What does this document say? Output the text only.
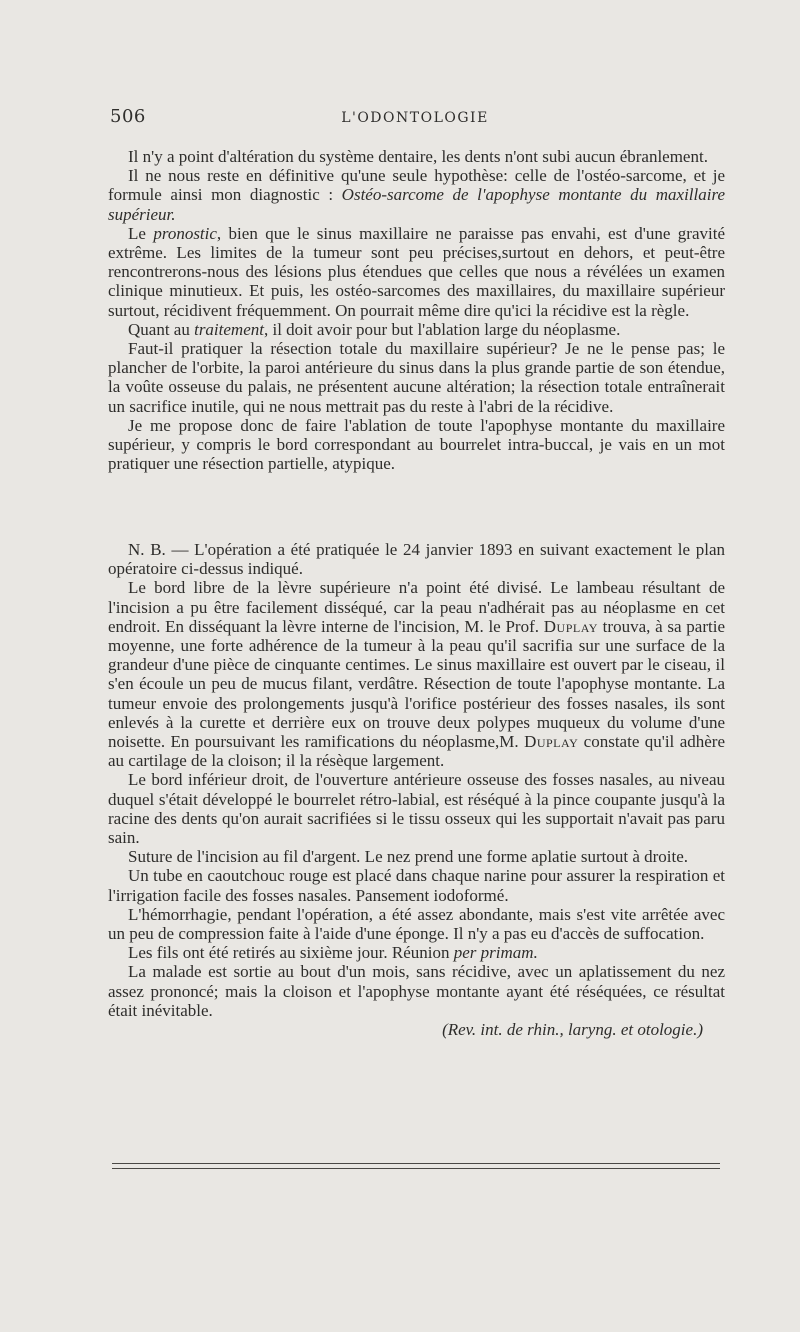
506	L'ODONTOLOGIE

Il n'y a point d'altération du système dentaire, les dents n'ont subi aucun ébranlement.

Il ne nous reste en définitive qu'une seule hypothèse: celle de l'ostéo-sarcome, et je formule ainsi mon diagnostic : Ostéo-sarcome de l'apophyse montante du maxillaire supérieur.

Le pronostic, bien que le sinus maxillaire ne paraisse pas envahi, est d'une gravité extrême. Les limites de la tumeur sont peu précises,surtout en dehors, et peut-être rencontrerons-nous des lésions plus étendues que celles que nous a révélées un examen clinique minutieux. Et puis, les ostéo-sarcomes des maxillaires, du maxillaire supérieur surtout, récidivent fréquemment. On pourrait même dire qu'ici la récidive est la règle.

Quant au traitement, il doit avoir pour but l'ablation large du néoplasme.

Faut-il pratiquer la résection totale du maxillaire supérieur? Je ne le pense pas; le plancher de l'orbite, la paroi antérieure du sinus dans la plus grande partie de son étendue, la voûte osseuse du palais, ne présentent aucune altération; la résection totale entraînerait un sacrifice inutile, qui ne nous mettrait pas du reste à l'abri de la récidive.

Je me propose donc de faire l'ablation de toute l'apophyse montante du maxillaire supérieur, y compris le bord correspondant au bourrelet intra-buccal, je vais en un mot pratiquer une résection partielle, atypique.

N. B. — L'opération a été pratiquée le 24 janvier 1893 en suivant exactement le plan opératoire ci-dessus indiqué.

Le bord libre de la lèvre supérieure n'a point été divisé. Le lambeau résultant de l'incision a pu être facilement disséqué, car la peau n'adhérait pas au néoplasme en cet endroit. En disséquant la lèvre interne de l'incision, M. le Prof. Duplay trouva, à sa partie moyenne, une forte adhérence de la tumeur à la peau qu'il sacrifia sur une surface de la grandeur d'une pièce de cinquante centimes. Le sinus maxillaire est ouvert par le ciseau, il s'en écoule un peu de mucus filant, verdâtre. Résection de toute l'apophyse montante. La tumeur envoie des prolongements jusqu'à l'orifice postérieur des fosses nasales, ils sont enlevés à la curette et derrière eux on trouve deux polypes muqueux du volume d'une noisette. En poursuivant les ramifications du néoplasme,M. Duplay constate qu'il adhère au cartilage de la cloison; il la résèque largement.

Le bord inférieur droit, de l'ouverture antérieure osseuse des fosses nasales, au niveau duquel s'était développé le bourrelet rétro-labial, est réséqué à la pince coupante jusqu'à la racine des dents qu'on aurait sacrifiées si le tissu osseux qui les supportait n'avait pas paru sain.

Suture de l'incision au fil d'argent. Le nez prend une forme aplatie surtout à droite.

Un tube en caoutchouc rouge est placé dans chaque narine pour assurer la respiration et l'irrigation facile des fosses nasales. Pansement iodoformé.

L'hémorrhagie, pendant l'opération, a été assez abondante, mais s'est vite arrêtée avec un peu de compression faite à l'aide d'une éponge. Il n'y a pas eu d'accès de suffocation.

Les fils ont été retirés au sixième jour. Réunion per primam.

La malade est sortie au bout d'un mois, sans récidive, avec un aplatissement du nez assez prononcé; mais la cloison et l'apophyse montante ayant été réséquées, ce résultat était inévitable.

(Rev. int. de rhin., laryng. et otologie.)
